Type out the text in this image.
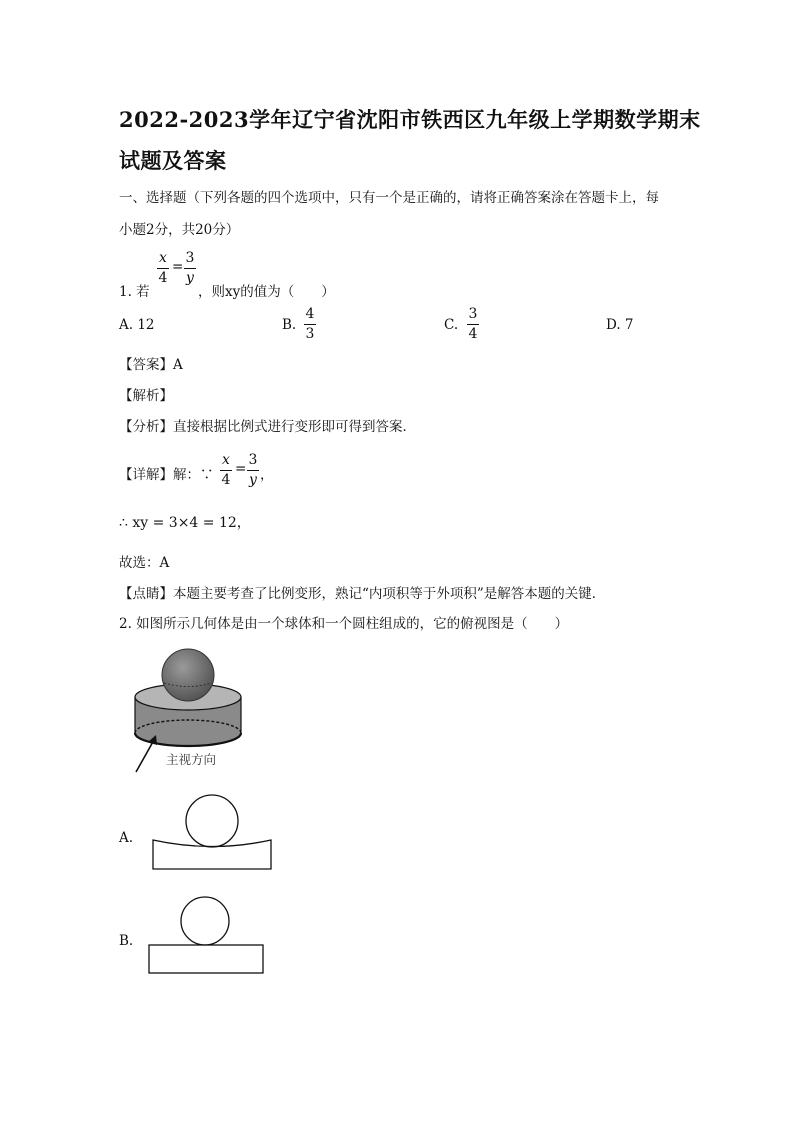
2022-2023学年辽宁省沈阳市铁西区九年级上学期数学期末
试题及答案
一、选择题（下列各题的四个选项中，只有一个是正确的，请将正确答案涂在答题卡上，每
小题2分，共20分）
x
4
=
3
y
1. 若	，则xy的值为（　　）
A. 12	B.
4
3
C.
3
4
D. 7
【答案】A
【解析】
【分析】直接根据比例式进行变形即可得到答案．
【详解】解：∵
x
4
=
3
y ，
∴ xy = 3×4 = 12，
故选：A
【点睛】本题主要考查了比例变形，熟记“内项积等于外项积”是解答本题的关键．
2. 如图所示几何体是由一个球体和一个圆柱组成的，它的俯视图是（　　）
主视方向
A.
B.
